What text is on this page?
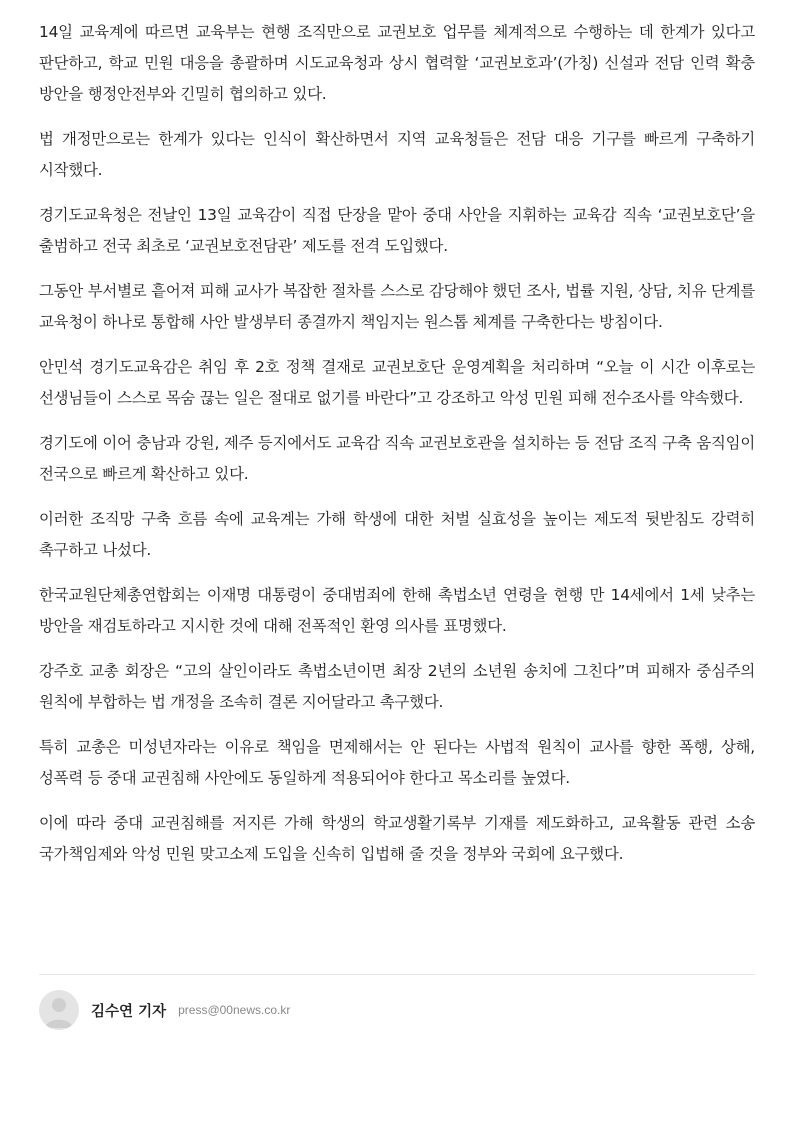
14일 교육계에 따르면 교육부는 현행 조직만으로 교권보호 업무를 체계적으로 수행하는 데 한계가 있다고 판단하고, 학교 민원 대응을 총괄하며 시도교육청과 상시 협력할 ‘교권보호과’(가칭) 신설과 전담 인력 확충 방안을 행정안전부와 긴밀히 협의하고 있다.

법 개정만으로는 한계가 있다는 인식이 확산하면서 지역 교육청들은 전담 대응 기구를 빠르게 구축하기 시작했다.

경기도교육청은 전날인 13일 교육감이 직접 단장을 맡아 중대 사안을 지휘하는 교육감 직속 ‘교권보호단’을 출범하고 전국 최초로 ‘교권보호전담관’ 제도를 전격 도입했다.

그동안 부서별로 흩어져 피해 교사가 복잡한 절차를 스스로 감당해야 했던 조사, 법률 지원, 상담, 치유 단계를 교육청이 하나로 통합해 사안 발생부터 종결까지 책임지는 원스톱 체계를 구축한다는 방침이다.

안민석 경기도교육감은 취임 후 2호 정책 결재로 교권보호단 운영계획을 처리하며 “오늘 이 시간 이후로는 선생님들이 스스로 목숨 끊는 일은 절대로 없기를 바란다”고 강조하고 악성 민원 피해 전수조사를 약속했다.

경기도에 이어 충남과 강원, 제주 등지에서도 교육감 직속 교권보호관을 설치하는 등 전담 조직 구축 움직임이 전국으로 빠르게 확산하고 있다.

이러한 조직망 구축 흐름 속에 교육계는 가해 학생에 대한 처벌 실효성을 높이는 제도적 뒷받침도 강력히 촉구하고 나섰다.

한국교원단체총연합회는 이재명 대통령이 중대범죄에 한해 촉법소년 연령을 현행 만 14세에서 1세 낮추는 방안을 재검토하라고 지시한 것에 대해 전폭적인 환영 의사를 표명했다.

강주호 교총 회장은 “고의 살인이라도 촉법소년이면 최장 2년의 소년원 송치에 그친다”며 피해자 중심주의 원칙에 부합하는 법 개정을 조속히 결론 지어달라고 촉구했다.

특히 교총은 미성년자라는 이유로 책임을 면제해서는 안 된다는 사법적 원칙이 교사를 향한 폭행, 상해, 성폭력 등 중대 교권침해 사안에도 동일하게 적용되어야 한다고 목소리를 높였다.

이에 따라 중대 교권침해를 저지른 가해 학생의 학교생활기록부 기재를 제도화하고, 교육활동 관련 소송 국가책임제와 악성 민원 맞고소제 도입을 신속히 입법해 줄 것을 정부와 국회에 요구했다.

김수연 기자 press@00news.co.kr
